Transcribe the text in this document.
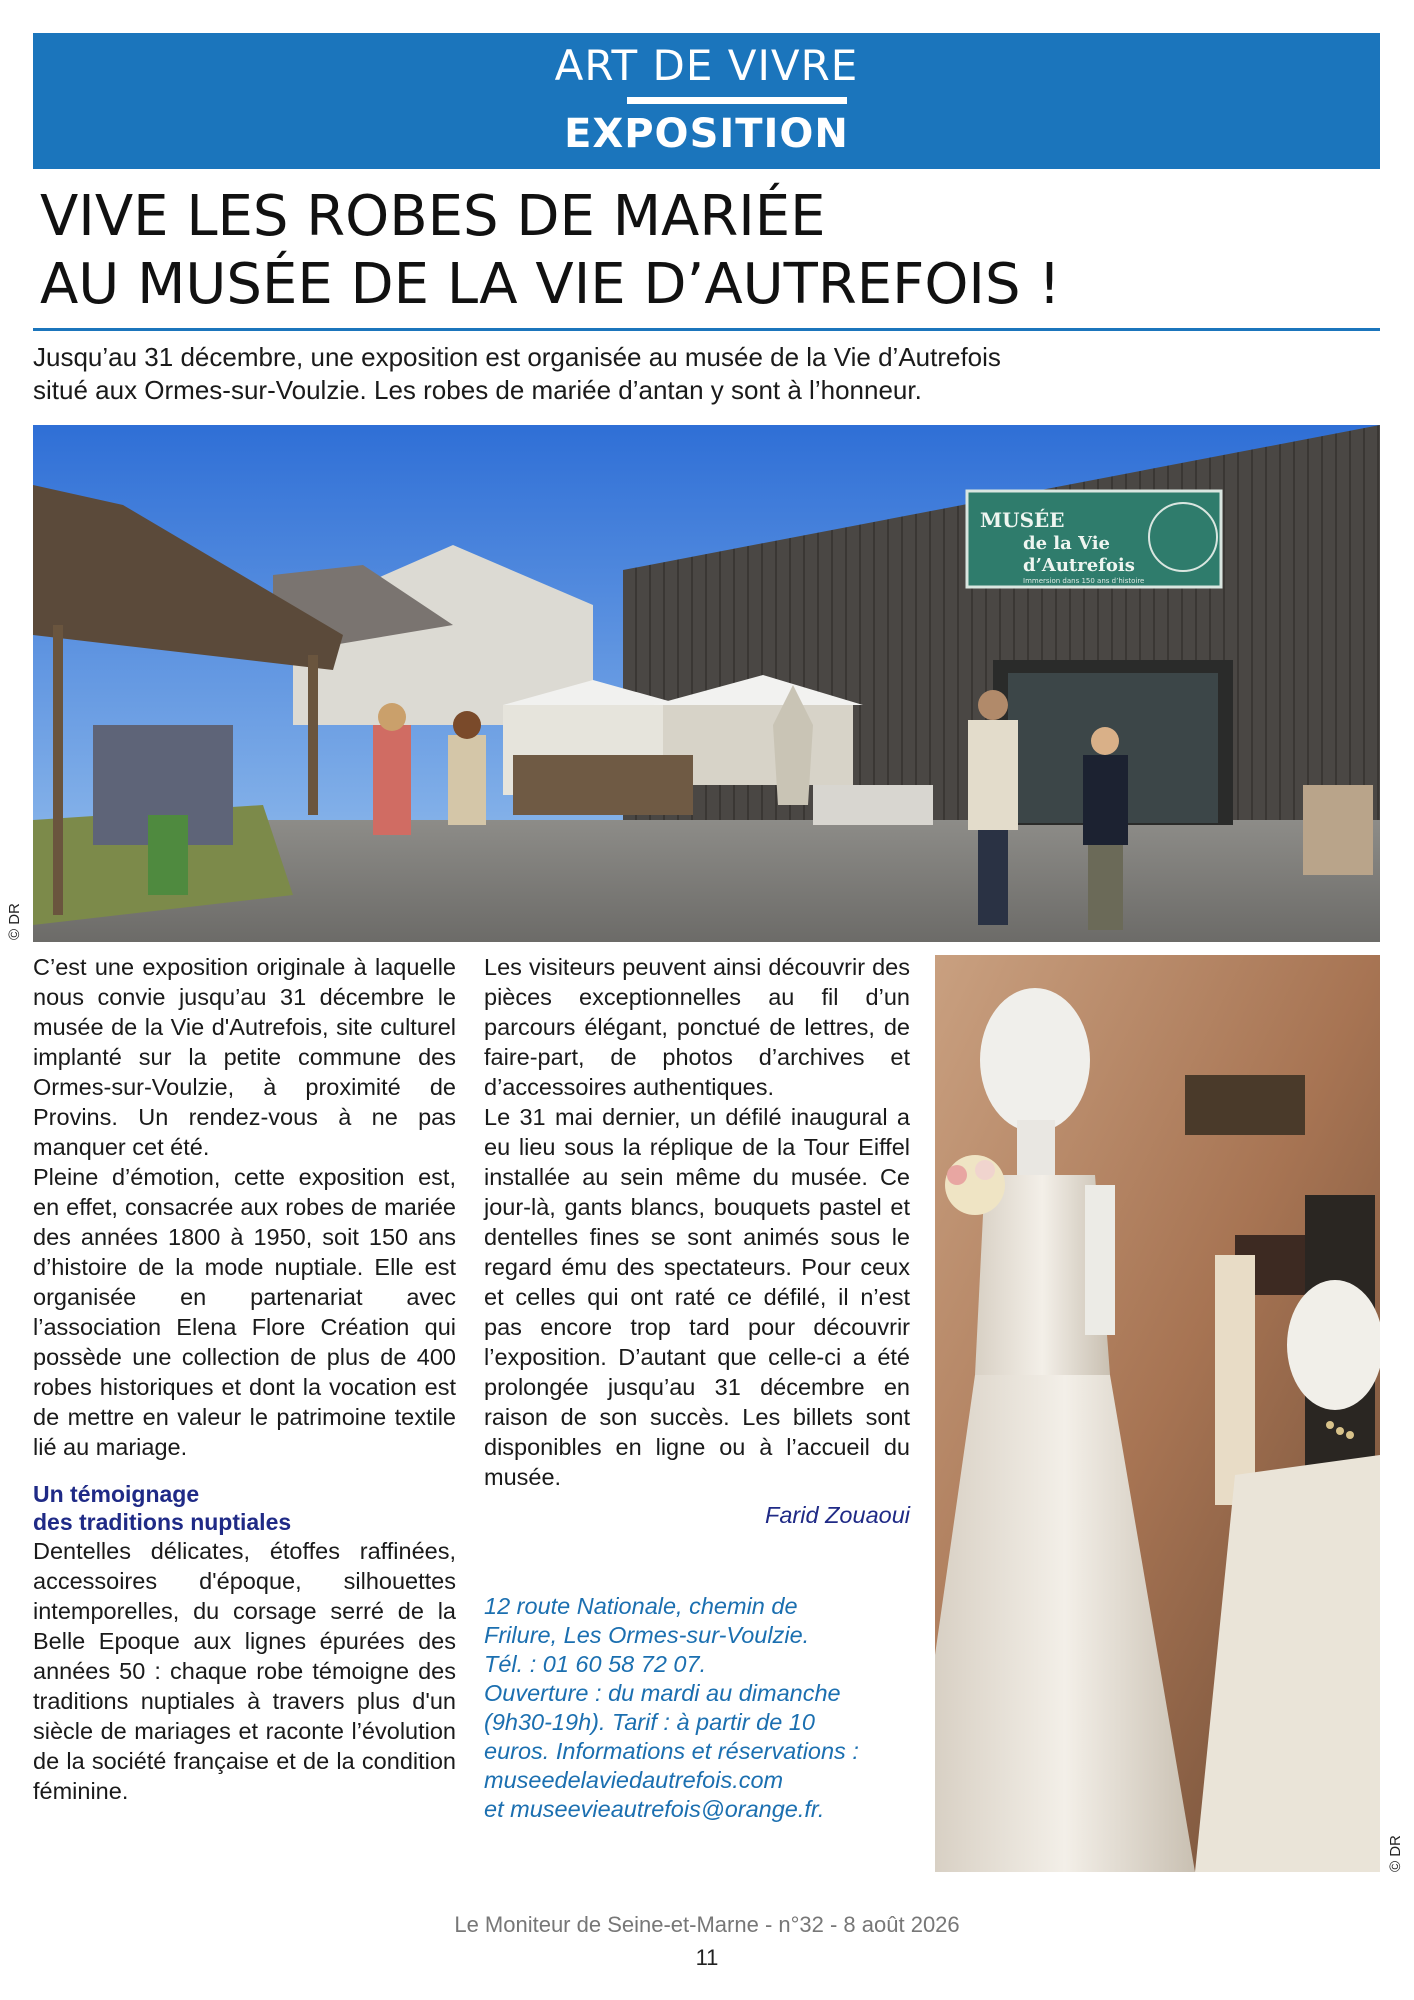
ART DE VIVRE
EXPOSITION
VIVE LES ROBES DE MARIÉE
AU MUSÉE DE LA VIE D’AUTREFOIS !
Jusqu’au 31 décembre, une exposition est organisée au musée de la Vie d’Autrefois
situé aux Ormes-sur-Voulzie. Les robes de mariée d’antan y sont à l’honneur.
MUSÉE
de la Vie
d’Autrefois
Immersion dans 150 ans d’histoire
© DR

C’est une exposition originale à laquelle nous convie jusqu’au 31 décembre le musée de la Vie d'Autrefois, site culturel implanté sur la petite commune des Ormes-sur-Voulzie, à proximité de Provins. Un rendez-vous à ne pas manquer cet été.

Pleine d’émotion, cette exposition est, en effet, consacrée aux robes de mariée des années 1800 à 1950, soit 150 ans d’histoire de la mode nuptiale. Elle est organisée en partenariat avec l’association Elena Flore Création qui possède une collection de plus de 400 robes historiques et dont la vocation est de mettre en valeur le patrimoine textile lié au mariage.

Un témoignage
des traditions nuptiales

Dentelles délicates, étoffes raffinées, accessoires d'époque, silhouettes intemporelles, du corsage serré de la Belle Epoque aux lignes épurées des années 50 : chaque robe témoigne des traditions nuptiales à travers plus d'un siècle de mariages et raconte l’évolution de la société française et de la condition féminine.

Les visiteurs peuvent ainsi découvrir des pièces exceptionnelles au fil d’un parcours élégant, ponctué de lettres, de faire-part, de photos d’archives et d’accessoires authentiques.

Le 31 mai dernier, un défilé inaugural a eu lieu sous la réplique de la Tour Eiffel installée au sein même du musée. Ce jour-là, gants blancs, bouquets pastel et dentelles fines se sont animés sous le regard ému des spectateurs. Pour ceux et celles qui ont raté ce défilé, il n’est pas encore trop tard pour découvrir l’exposition. D’autant que celle-ci a été prolongée jusqu’au 31 décembre en raison de son succès. Les billets sont disponibles en ligne ou à l’accueil du musée.

Farid Zouaoui

12 route Nationale, chemin de
Frilure, Les Ormes-sur-Voulzie.
Tél. : 01 60 58 72 07.
Ouverture : du mardi au dimanche
(9h30-19h). Tarif : à partir de 10
euros. Informations et réservations :
museedelaviedautrefois.com
et museevieautrefois@orange.fr.

© DR
Le Moniteur de Seine-et-Marne - n°32 - 8 août 2026
11
